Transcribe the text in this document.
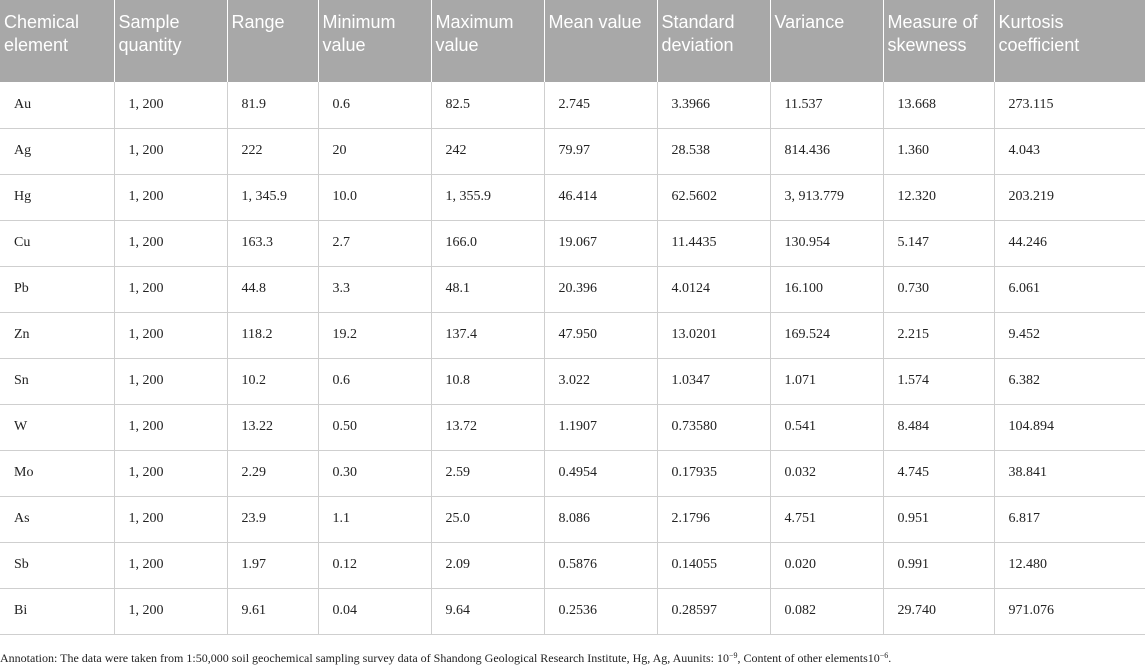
Chemical element	Sample quantity	Range	Minimum value	Maximum value	Mean value	Standard deviation	Variance	Measure of skewness	Kurtosis coefficient
Au	1, 200	81.9	0.6	82.5	2.745	3.3966	11.537	13.668	273.115
Ag	1, 200	222	20	242	79.97	28.538	814.436	1.360	4.043
Hg	1, 200	1, 345.9	10.0	1, 355.9	46.414	62.5602	3, 913.779	12.320	203.219
Cu	1, 200	163.3	2.7	166.0	19.067	11.4435	130.954	5.147	44.246
Pb	1, 200	44.8	3.3	48.1	20.396	4.0124	16.100	0.730	6.061
Zn	1, 200	118.2	19.2	137.4	47.950	13.0201	169.524	2.215	9.452
Sn	1, 200	10.2	0.6	10.8	3.022	1.0347	1.071	1.574	6.382
W	1, 200	13.22	0.50	13.72	1.1907	0.73580	0.541	8.484	104.894
Mo	1, 200	2.29	0.30	2.59	0.4954	0.17935	0.032	4.745	38.841
As	1, 200	23.9	1.1	25.0	8.086	2.1796	4.751	0.951	6.817
Sb	1, 200	1.97	0.12	2.09	0.5876	0.14055	0.020	0.991	12.480
Bi	1, 200	9.61	0.04	9.64	0.2536	0.28597	0.082	29.740	971.076
Annotation: The data were taken from 1:50,000 soil geochemical sampling survey data of Shandong Geological Research Institute, Hg, Ag, Auunits: $10^{-9}$, Content of other $elements10^{-6}$.
